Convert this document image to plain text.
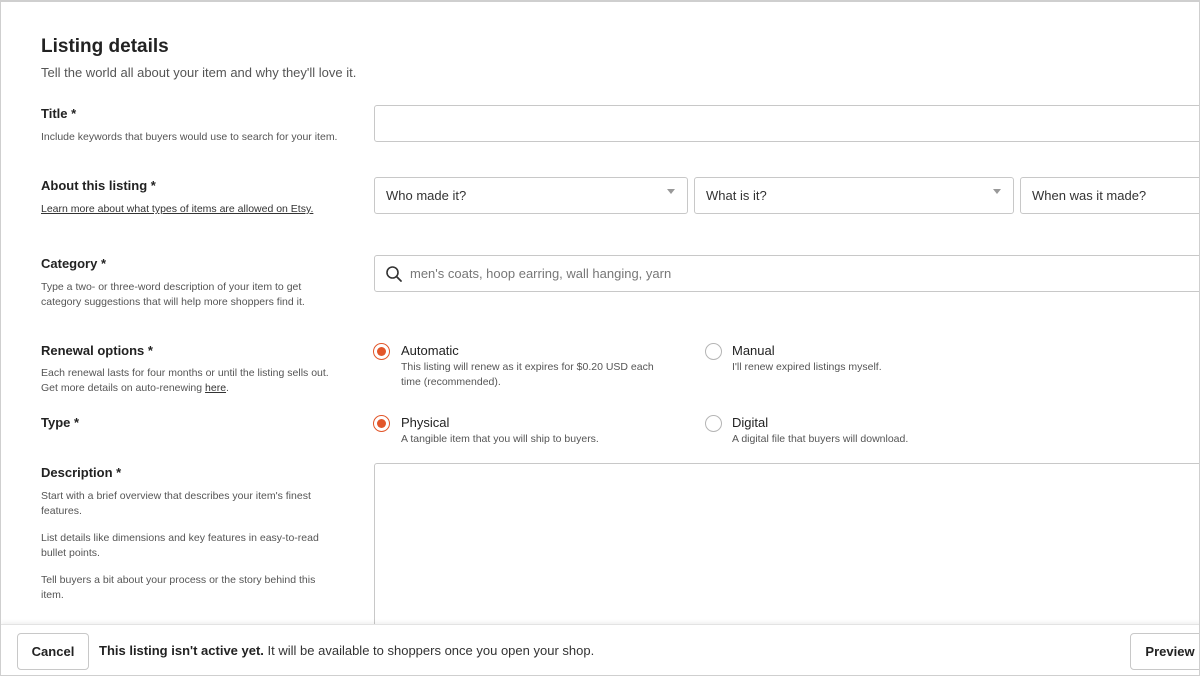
Listing details
Tell the world all about your item and why they'll love it.
Title *
Include keywords that buyers would use to search for your item.
About this listing *
Learn more about what types of items are allowed on Etsy.
Who made it?	What is it?	When was it made?
Category *
Type a two- or three-word description of your item to get category suggestions that will help more shoppers find it.
men's coats, hoop earring, wall hanging, yarn
Renewal options *
Each renewal lasts for four months or until the listing sells out. Get more details on auto-renewing here.
Automatic
This listing will renew as it expires for $0.20 USD each time (recommended).
Manual
I'll renew expired listings myself.
Type *	Physical
A tangible item that you will ship to buyers.
Digital
A digital file that buyers will download.
Description *

Start with a brief overview that describes your item's finest features.

List details like dimensions and key features in easy-to-read bullet points.

Tell buyers a bit about your process or the story behind this item.

Cancel	This listing isn't active yet. It will be available to shoppers once you open your shop.	Preview
